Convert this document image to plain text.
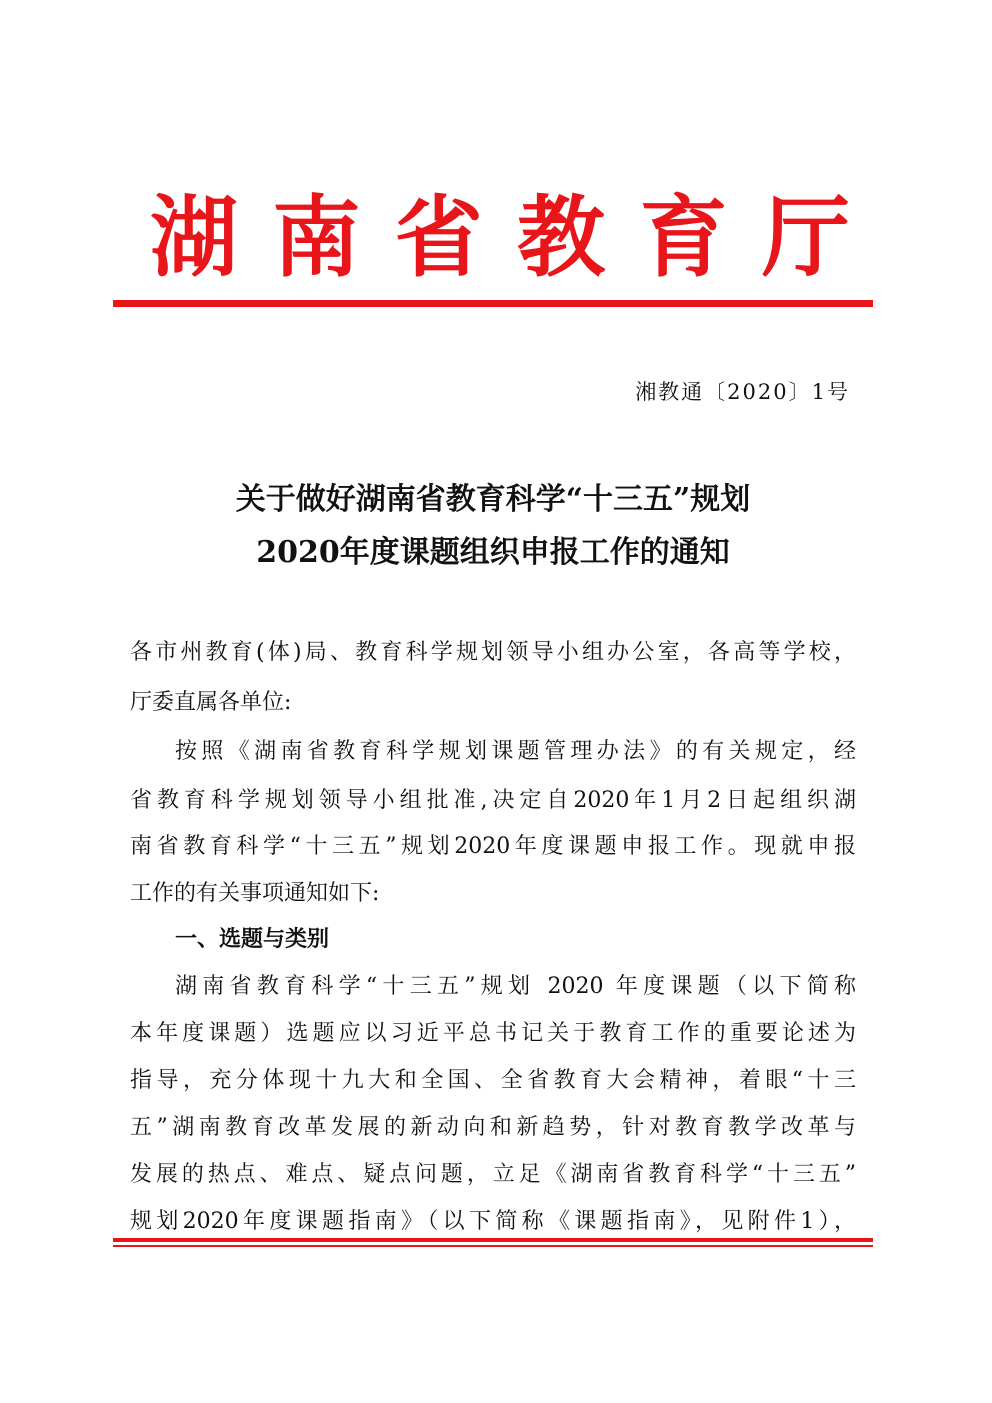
湖 南 省 教 育 厅
湘教通〔2020〕1号
关于做好湖南省教育科学“十三五”规划
2020年度课题组织申报工作的通知
各市州教育(体)局、教育科学规划领导小组办公室，各高等学校，
厅委直属各单位:
按照《湖南省教育科学规划课题管理办法》的有关规定，经
省教育科学规划领导小组批准,决定自2020年1月2日起组织湖
南省教育科学“十三五”规划2020年度课题申报工作。现就申报
工作的有关事项通知如下:
一、选题与类别
湖南省教育科学“十三五”规划 2020 年度课题（以下简称
本年度课题）选题应以习近平总书记关于教育工作的重要论述为
指导，充分体现十九大和全国、全省教育大会精神，着眼“十三
五”湖南教育改革发展的新动向和新趋势，针对教育教学改革与
发展的热点、难点、疑点问题，立足《湖南省教育科学“十三五”
规划2020年度课题指南》（以下简称《课题指南》，见附件1），
